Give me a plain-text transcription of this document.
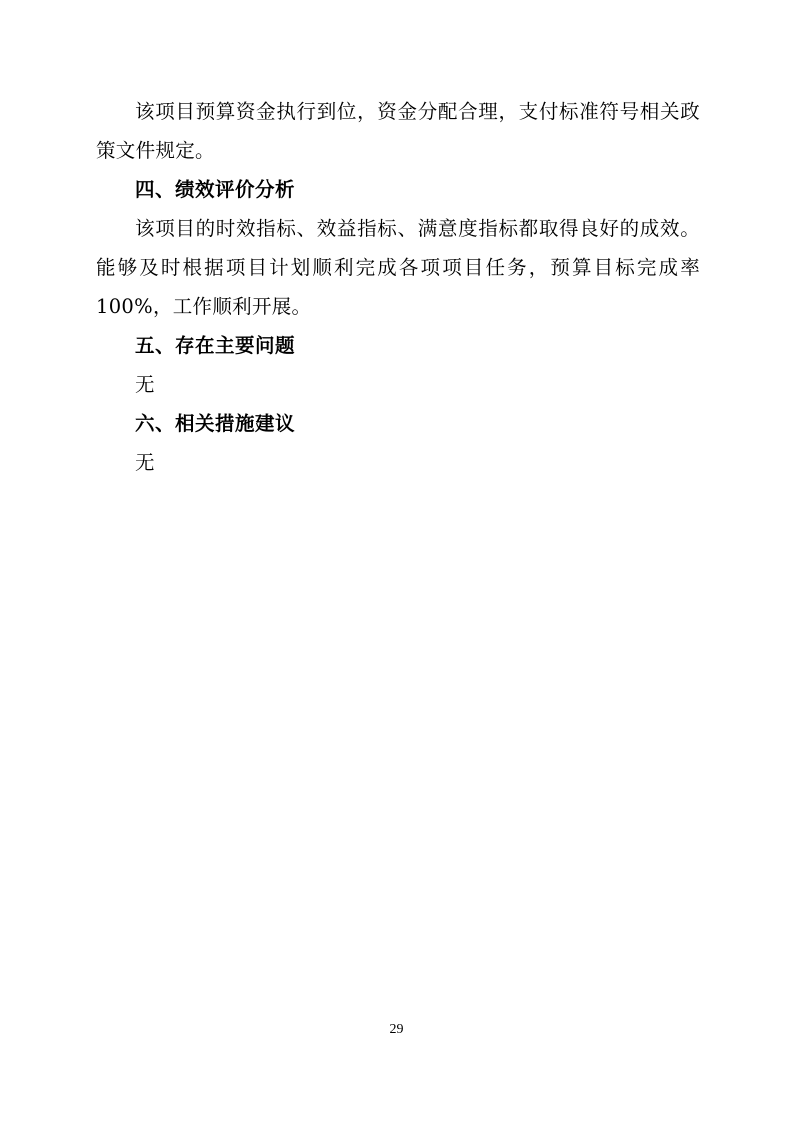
该项目预算资金执行到位，资金分配合理，支付标准符号相关政策文件规定。

四、绩效评价分析

该项目的时效指标、效益指标、满意度指标都取得良好的成效。能够及时根据项目计划顺利完成各项项目任务，预算目标完成率 100%，工作顺利开展。

五、存在主要问题

无

六、相关措施建议

无

29
